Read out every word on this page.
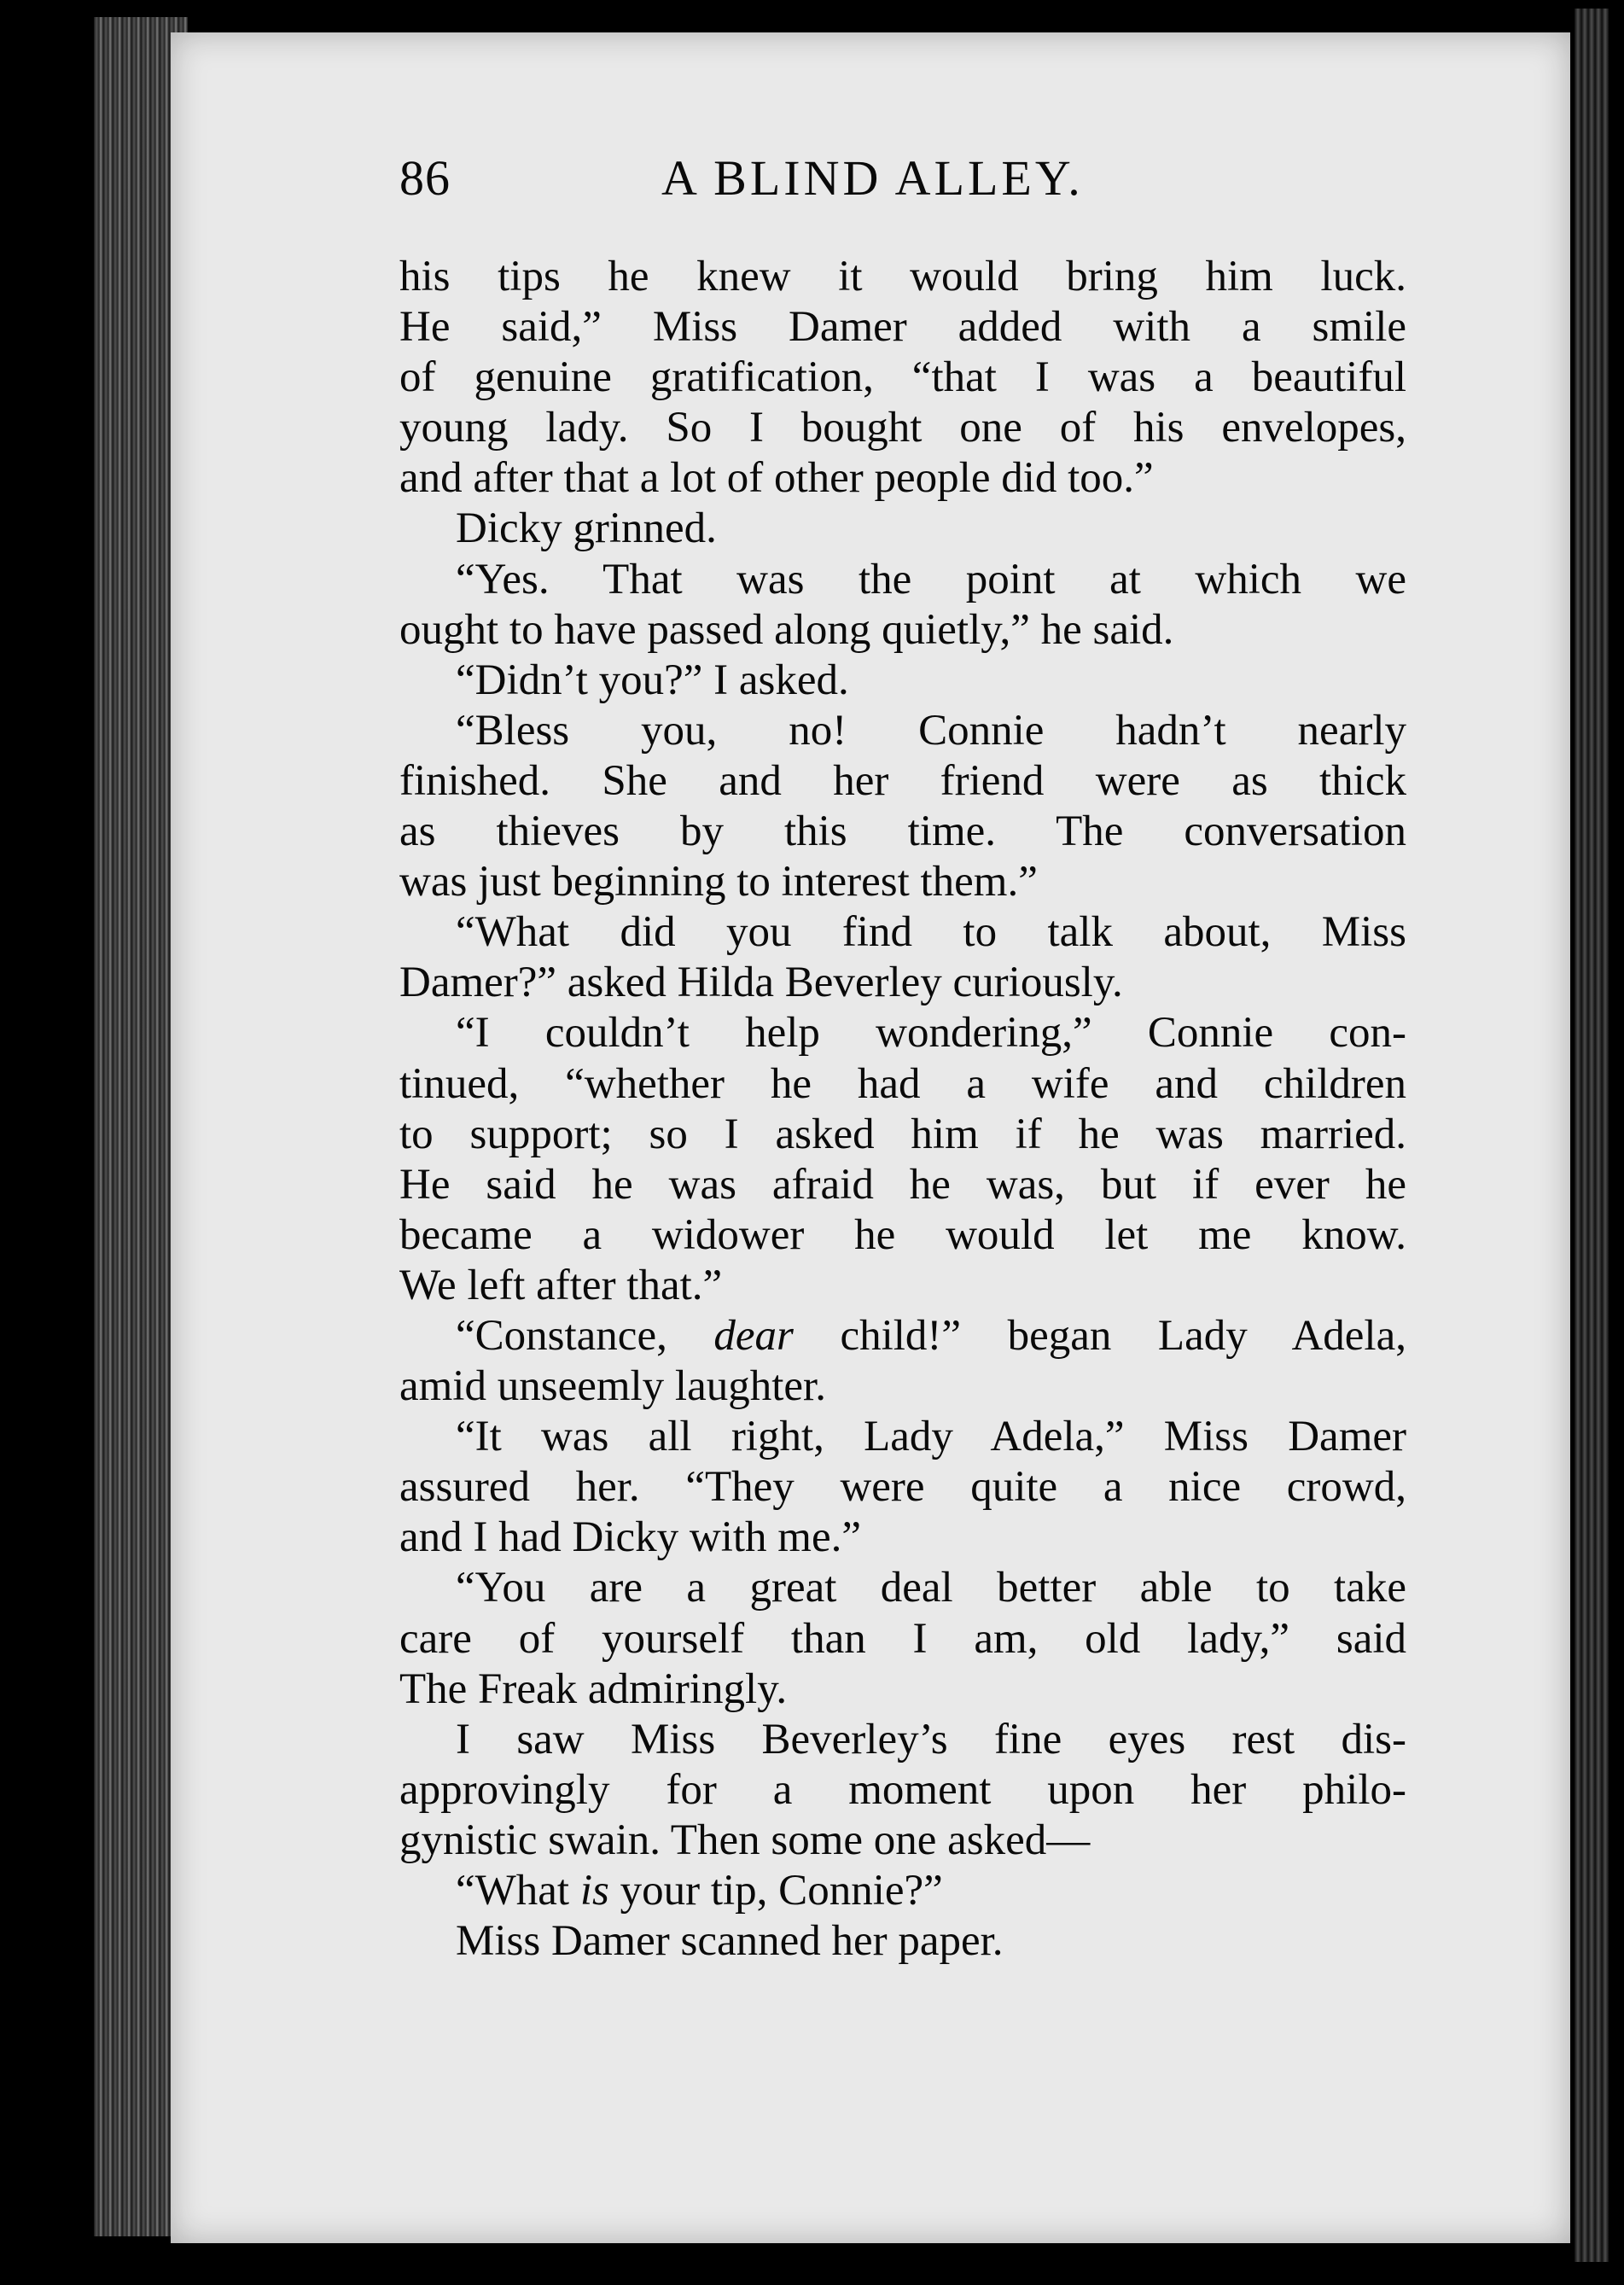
86	A BLIND ALLEY.
his tips he knew it would bring him luck.
He said,” Miss Damer added with a smile
of genuine gratification, “that I was a beautiful
young lady. So I bought one of his envelopes,
and after that a lot of other people did too.”
Dicky grinned.
“Yes. That was the point at which we
ought to have passed along quietly,” he said.
“Didn’t you?” I asked.
“Bless you, no! Connie hadn’t nearly
finished. She and her friend were as thick
as thieves by this time. The conversation
was just beginning to interest them.”
“What did you find to talk about, Miss
Damer?” asked Hilda Beverley curiously.
“I couldn’t help wondering,” Connie con-
tinued, “whether he had a wife and children
to support; so I asked him if he was married.
He said he was afraid he was, but if ever he
became a widower he would let me know.
We left after that.”
“Constance, dear child!” began Lady Adela,
amid unseemly laughter.
“It was all right, Lady Adela,” Miss Damer
assured her. “They were quite a nice crowd,
and I had Dicky with me.”
“You are a great deal better able to take
care of yourself than I am, old lady,” said
The Freak admiringly.
I saw Miss Beverley’s fine eyes rest dis-
approvingly for a moment upon her philo-
gynistic swain. Then some one asked—
“What is your tip, Connie?”
Miss Damer scanned her paper.
